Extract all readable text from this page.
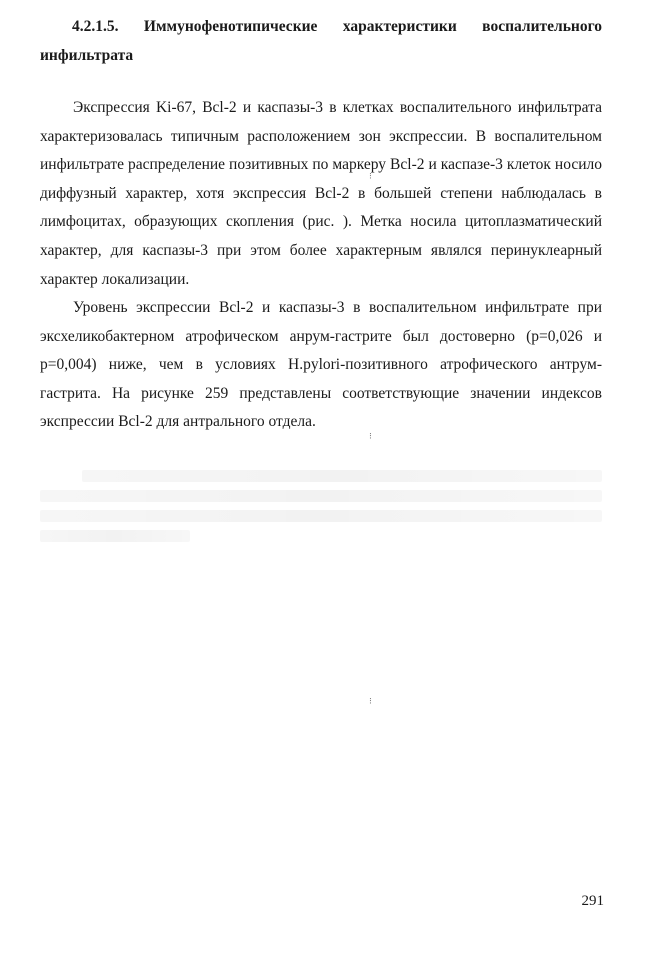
4.2.1.5. Иммунофенотипические характеристики воспалительного инфильтрата

Экспрессия Ki-67, Bcl-2 и каспазы-3 в клетках воспалительного инфильтрата характеризовалась типичным расположением зон экспрессии. В воспалительном инфильтрате распределение позитивных по маркеру Bcl-2 и каспазе-3 клеток носило диффузный характер, хотя экспрессия Bcl-2 в большей степени наблюдалась в лимфоцитах, образующих скопления (рис. ). Метка носила цитоплазматический характер, для каспазы-3 при этом более характерным являлся перинуклеарный характер локализации.

Уровень экспрессии Bcl-2 и каспазы-3 в воспалительном инфильтрате при эксхеликобактерном атрофическом анрум-гастрите был достоверно (p=0,026 и p=0,004) ниже, чем в условиях H.pylori-позитивного атрофического антрум-гастрита. На рисунке 259 представлены соответствующие значении индексов экспрессии Bcl-2 для антрального отдела.

⁝
⁝
⁝

291
